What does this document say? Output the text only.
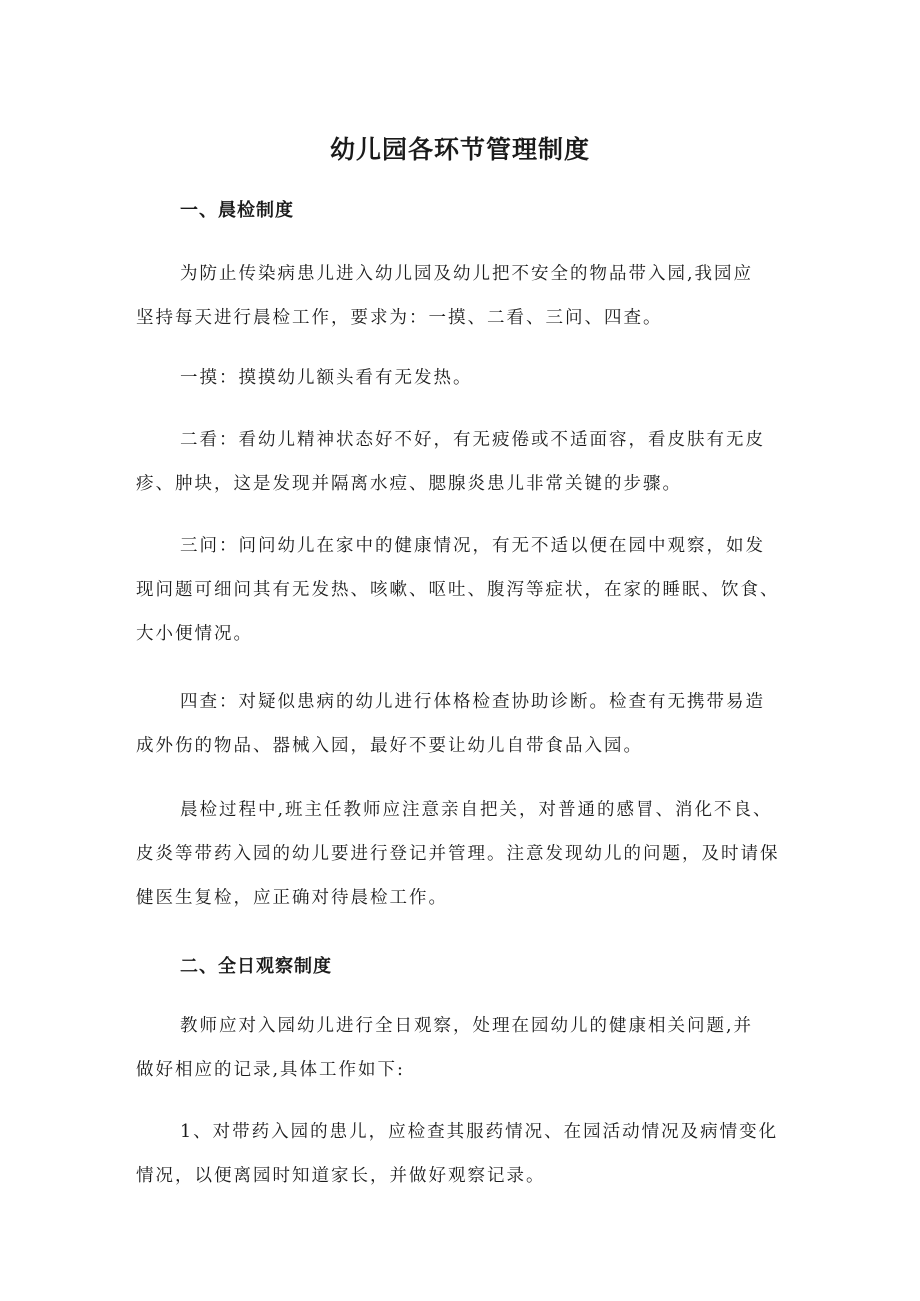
幼儿园各环节管理制度
一、晨检制度

为防止传染病患儿进入幼儿园及幼儿把不安全的物品带入园,我园应
坚持每天进行晨检工作，要求为：一摸、二看、三问、四查。

一摸：摸摸幼儿额头看有无发热。

二看：看幼儿精神状态好不好，有无疲倦或不适面容，看皮肤有无皮
疹、肿块，这是发现并隔离水痘、腮腺炎患儿非常关键的步骤。

三问：问问幼儿在家中的健康情况，有无不适以便在园中观察，如发
现问题可细问其有无发热、咳嗽、呕吐、腹泻等症状，在家的睡眠、饮食、
大小便情况。

四查：对疑似患病的幼儿进行体格检查协助诊断。检查有无携带易造
成外伤的物品、器械入园，最好不要让幼儿自带食品入园。

晨检过程中,班主任教师应注意亲自把关，对普通的感冒、消化不良、
皮炎等带药入园的幼儿要进行登记并管理。注意发现幼儿的问题，及时请保
健医生复检，应正确对待晨检工作。

二、全日观察制度

教师应对入园幼儿进行全日观察，处理在园幼儿的健康相关问题,并
做好相应的记录,具体工作如下:

1、对带药入园的患儿，应检查其服药情况、在园活动情况及病情变化
情况，以便离园时知道家长，并做好观察记录。
